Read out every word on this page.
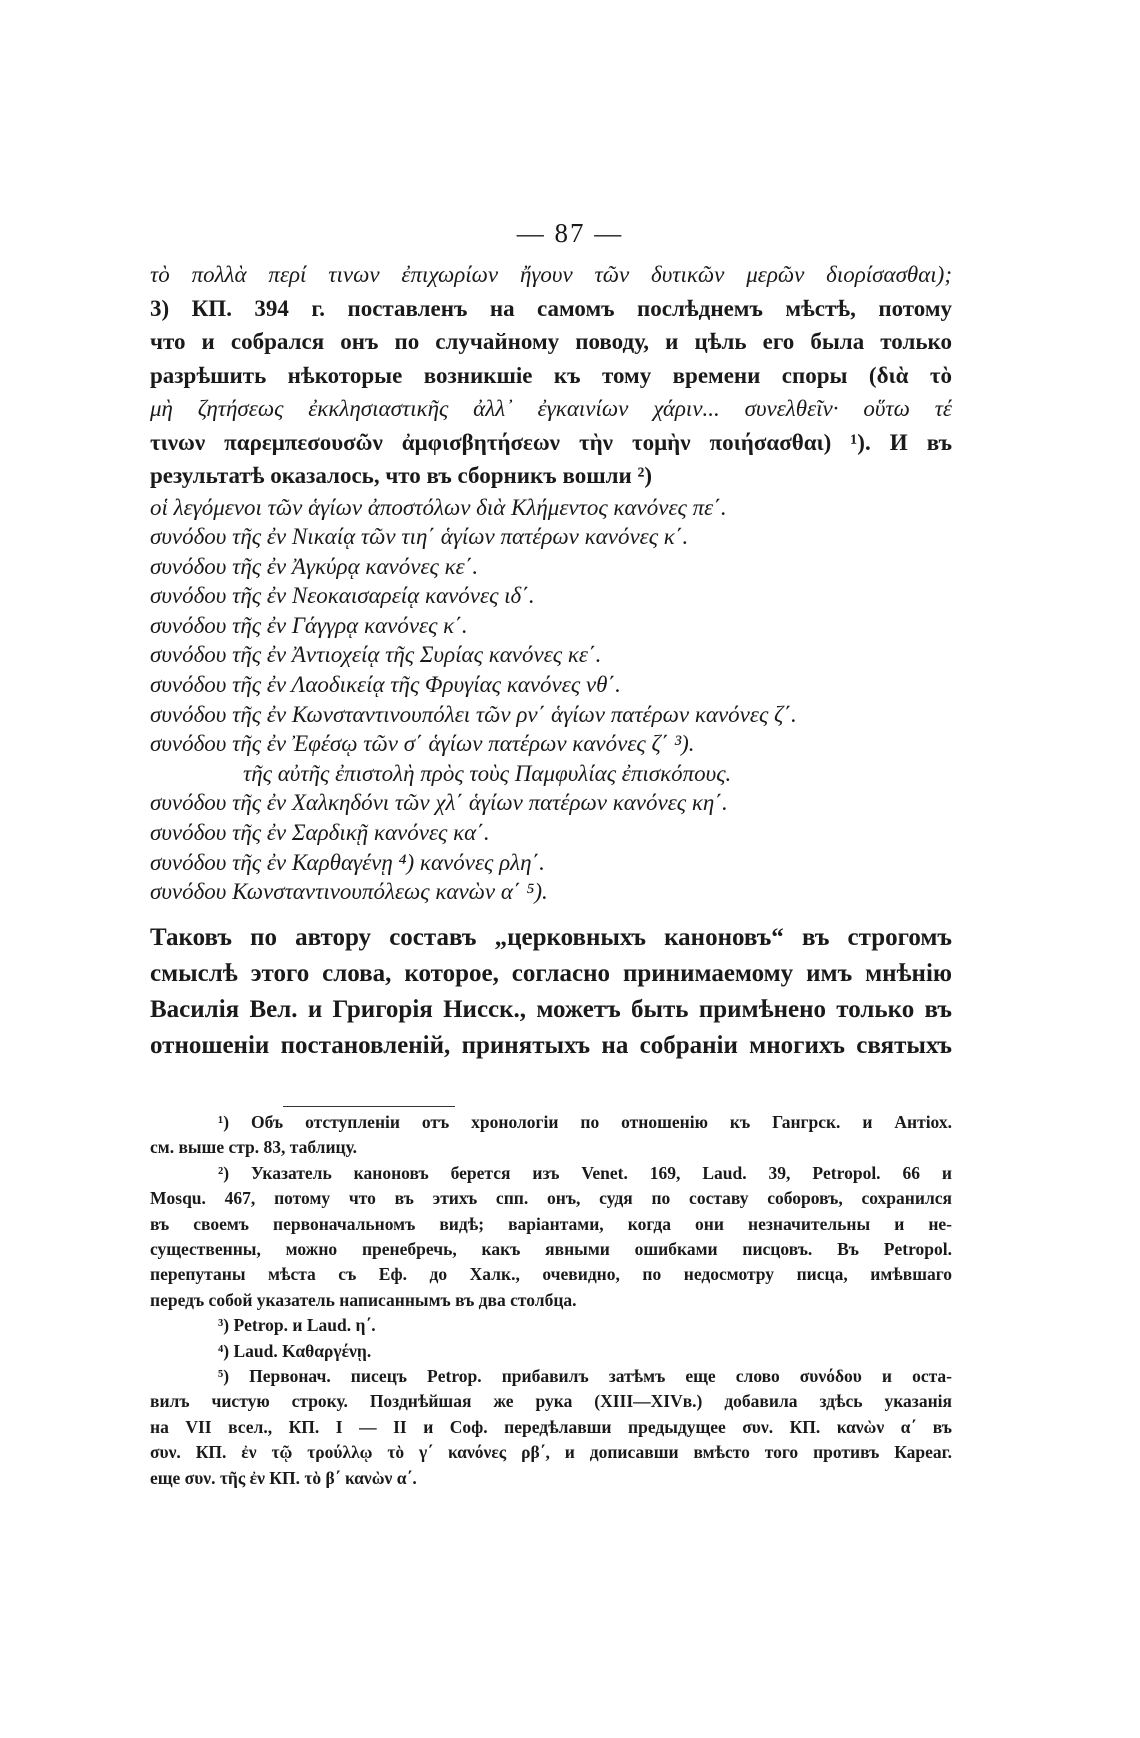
— 87 —
τὸ πολλὰ περί τινων ἐπιχωρίων ἤγουν τῶν δυτικῶν μερῶν διορίσασθαι);
3) КП. 394 г. поставленъ на самомъ послѣднемъ мѣстѣ, потому
что и собрался онъ по случайному поводу, и цѣль его была только
разрѣшить нѣкоторые возникшіе къ тому времени споры (διὰ τὸ
μὴ ζητήσεως ἐκκλησιαστικῆς ἀλλ᾽ ἐγκαινίων χάριν... συνελθεῖν· οὕτω τέ
τινων παρεμπεσουσῶν ἀμφισβητήσεων τὴν τομὴν ποιήσασθαι) ¹). И въ
результатѣ оказалось, что въ сборникъ вошли ²)
οἱ λεγόμενοι τῶν ἁγίων ἀποστόλων διὰ Κλήμεντος κανόνες πε΄.
συνόδου τῆς ἐν Νικαίᾳ τῶν τιη΄ ἁγίων πατέρων κανόνες κ΄.
συνόδου τῆς ἐν Ἀγκύρᾳ κανόνες κε΄.
συνόδου τῆς ἐν Νεοκαισαρείᾳ κανόνες ιδ΄.
συνόδου τῆς ἐν Γάγγρᾳ κανόνες κ΄.
συνόδου τῆς ἐν Ἀντιοχείᾳ τῆς Συρίας κανόνες κε΄.
συνόδου τῆς ἐν Λαοδικείᾳ τῆς Φρυγίας κανόνες νθ΄.
συνόδου τῆς ἐν Κωνσταντινουπόλει τῶν ρν΄ ἁγίων πατέρων κανόνες ζ΄.
συνόδου τῆς ἐν Ἐφέσῳ τῶν σ΄ ἁγίων πατέρων κανόνες ζ΄ ³).
τῆς αὐτῆς ἐπιστολὴ πρὸς τοὺς Παμφυλίας ἐπισκόπους.
συνόδου τῆς ἐν Χαλκηδόνι τῶν χλ΄ ἁγίων πατέρων κανόνες κη΄.
συνόδου τῆς ἐν Σαρδικῇ κανόνες κα΄.
συνόδου τῆς ἐν Καρθαγένῃ ⁴) κανόνες ρλη΄.
συνόδου Κωνσταντινουπόλεως κανὼν α΄ ⁵).
Таковъ по автору составъ „церковныхъ каноновъ“ въ строгомъ
смыслѣ этого слова, которое, согласно принимаемому имъ мнѣнію
Василія Вел. и Григорія Нисск., можетъ быть примѣнено только въ
отношеніи постановленій, принятыхъ на собраніи многихъ святыхъ
¹) Объ отступленіи отъ хронологіи по отношенію къ Гангрск. и Антіох.
см. выше стр. 83, таблицу.
²) Указатель каноновъ берется изъ Venet. 169, Laud. 39, Petropol. 66 и
Mosqu. 467, потому что въ этихъ спп. онъ, судя по составу соборовъ, сохранился
въ своемъ первоначальномъ видѣ; варіантами, когда они незначительны и не-
существенны, можно пренебречь, какъ явными ошибками писцовъ. Въ Petropol.
перепутаны мѣста съ Еф. до Халк., очевидно, по недосмотру писца, имѣвшаго
передъ собой указатель написаннымъ въ два столбца.
³) Petrop. и Laud. η΄.
⁴) Laud. Καθαργένῃ.
⁵) Первонач. писецъ Petrop. прибавилъ затѣмъ еще слово συνόδου и оста-
вилъ чистую строку. Позднѣйшая же рука (XIII—XIVв.) добавила здѣсь указанія
на VII всел., КП. I — II и Соф. передѣлавши предыдущее συν. КП. κανὼν α΄ въ
συν. КП. ἐν τῷ τρούλλῳ τὸ γ΄ κανόνες ρβ΄, и дописавши вмѣсто того противъ Кареаг.
еще συν. τῆς ἐν КП. τὸ β΄ κανὼν α΄.
